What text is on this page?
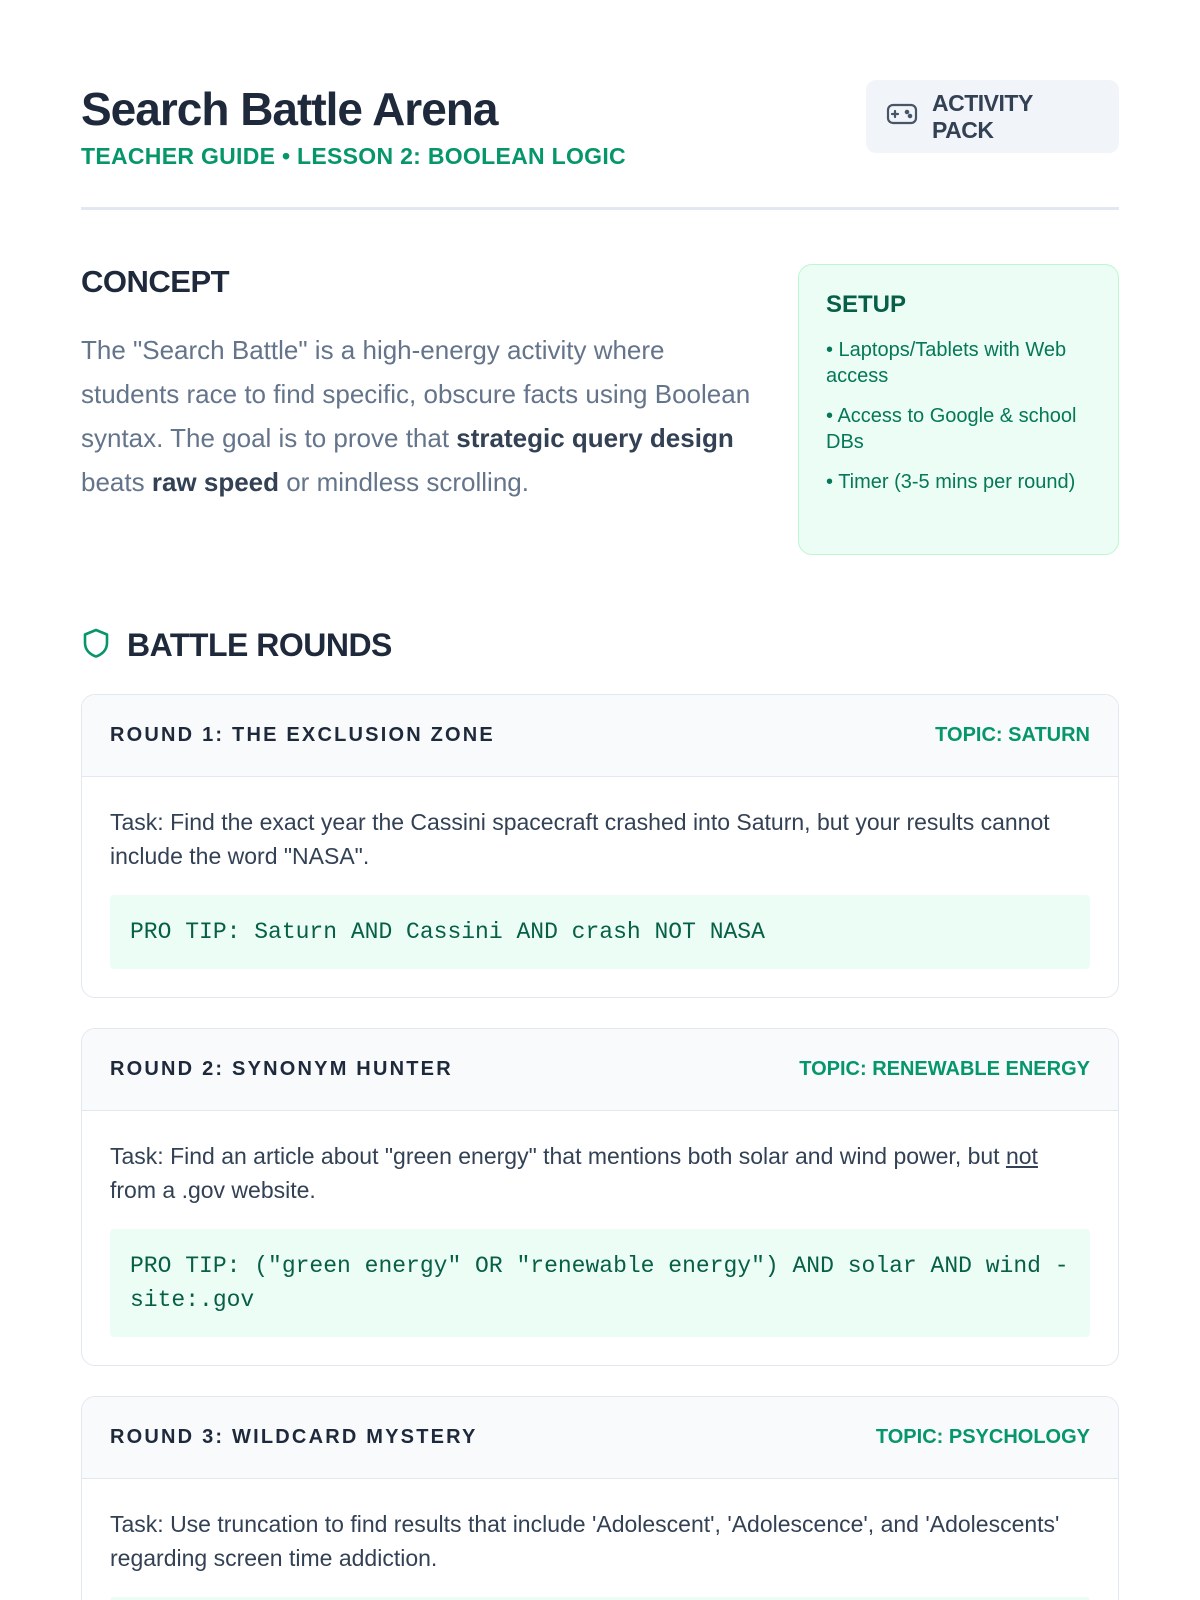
Search Battle Arena
TEACHER GUIDE • LESSON 2: BOOLEAN LOGIC
ACTIVITY PACK
CONCEPT

The "Search Battle" is a high-energy activity where students race to find specific, obscure facts using Boolean syntax. The goal is to prove that strategic query design beats raw speed or mindless scrolling.

SETUP
• Laptops/Tablets with Web access
• Access to Google & school DBs
• Timer (3-5 mins per round)
BATTLE ROUNDS
ROUND 1: THE EXCLUSION ZONE	TOPIC: SATURN

Task: Find the exact year the Cassini spacecraft crashed into Saturn, but your results cannot include the word "NASA".

PRO TIP: Saturn AND Cassini AND crash NOT NASA
ROUND 2: SYNONYM HUNTER	TOPIC: RENEWABLE ENERGY

Task: Find an article about "green energy" that mentions both solar and wind power, but not from a .gov website.

PRO TIP: ("green energy" OR "renewable energy") AND solar AND wind -site:.gov
ROUND 3: WILDCARD MYSTERY	TOPIC: PSYCHOLOGY

Task: Use truncation to find results that include 'Adolescent', 'Adolescence', and 'Adolescents' regarding screen time addiction.
